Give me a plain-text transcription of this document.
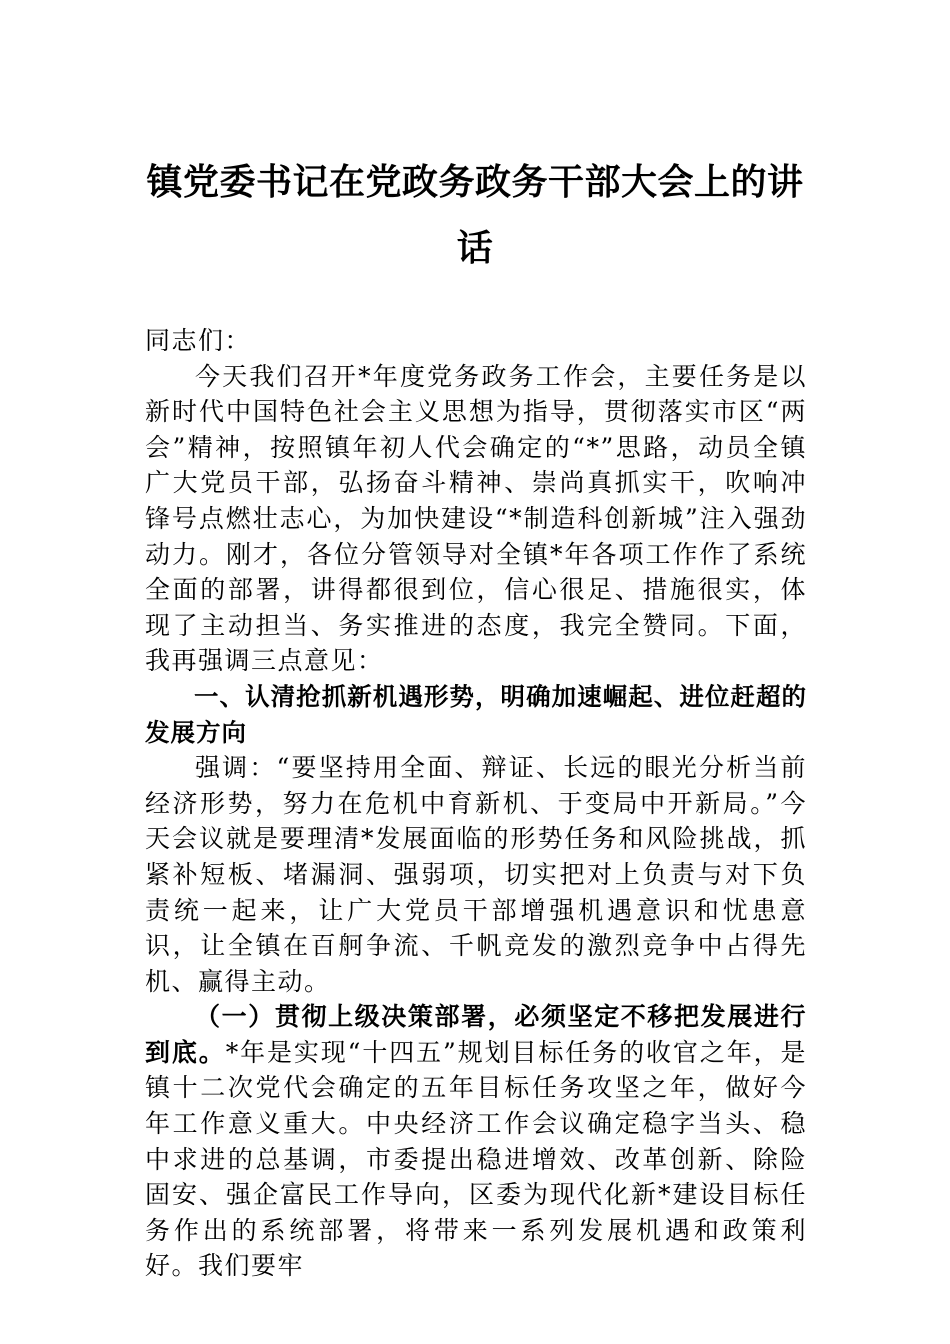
镇党委书记在党政务政务干部大会上的讲话

同志们：

今天我们召开*年度党务政务工作会，主要任务是以新时代中国特色社会主义思想为指导，贯彻落实市区“两会”精神，按照镇年初人代会确定的“*”思路，动员全镇广大党员干部，弘扬奋斗精神、崇尚真抓实干，吹响冲锋号点燃壮志心，为加快建设“*制造科创新城”注入强劲动力。刚才，各位分管领导对全镇*年各项工作作了系统全面的部署，讲得都很到位，信心很足、措施很实，体现了主动担当、务实推进的态度，我完全赞同。下面，我再强调三点意见：

一、认清抢抓新机遇形势，明确加速崛起、进位赶超的发展方向

强调：“要坚持用全面、辩证、长远的眼光分析当前经济形势，努力在危机中育新机、于变局中开新局。”今天会议就是要理清*发展面临的形势任务和风险挑战，抓紧补短板、堵漏洞、强弱项，切实把对上负责与对下负责统一起来，让广大党员干部增强机遇意识和忧患意识，让全镇在百舸争流、千帆竞发的激烈竞争中占得先机、赢得主动。

（一）贯彻上级决策部署，必须坚定不移把发展进行到底。*年是实现“十四五”规划目标任务的收官之年，是镇十二次党代会确定的五年目标任务攻坚之年，做好今年工作意义重大。中央经济工作会议确定稳字当头、稳中求进的总基调，市委提出稳进增效、改革创新、除险固安、强企富民工作导向，区委为现代化新*建设目标任务作出的系统部署，将带来一系列发展机遇和政策利好。我们要牢
